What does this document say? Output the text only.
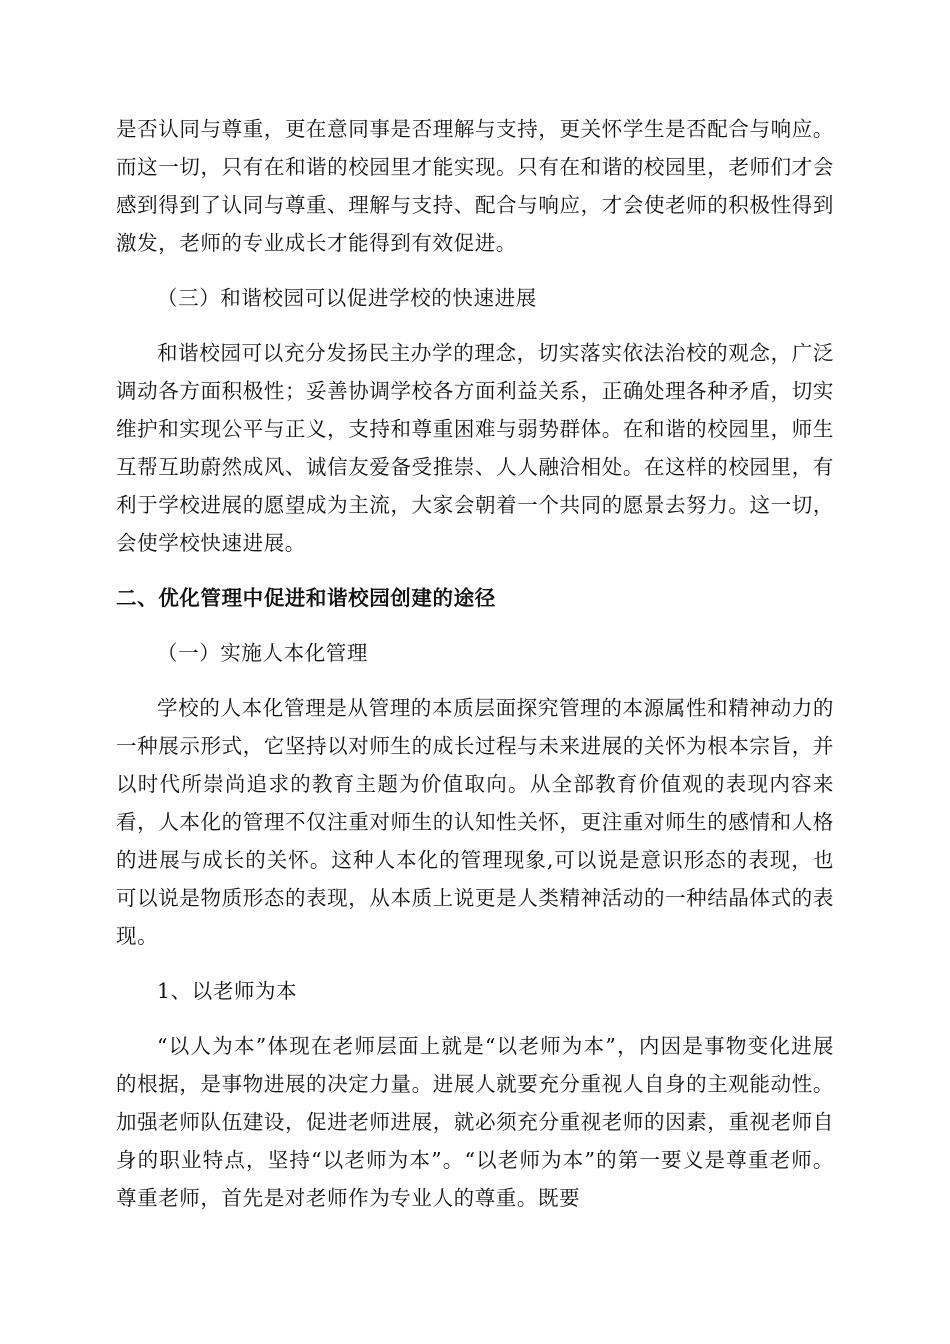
是否认同与尊重，更在意同事是否理解与支持，更关怀学生是否配合与响应。而这一切，只有在和谐的校园里才能实现。只有在和谐的校园里，老师们才会感到得到了认同与尊重、理解与支持、配合与响应，才会使老师的积极性得到激发，老师的专业成长才能得到有效促进。

（三）和谐校园可以促进学校的快速进展

和谐校园可以充分发扬民主办学的理念，切实落实依法治校的观念，广泛调动各方面积极性；妥善协调学校各方面利益关系，正确处理各种矛盾，切实维护和实现公平与正义，支持和尊重困难与弱势群体。在和谐的校园里，师生互帮互助蔚然成风、诚信友爱备受推崇、人人融洽相处。在这样的校园里，有利于学校进展的愿望成为主流，大家会朝着一个共同的愿景去努力。这一切，会使学校快速进展。

二、优化管理中促进和谐校园创建的途径
（一）实施人本化管理

学校的人本化管理是从管理的本质层面探究管理的本源属性和精神动力的一种展示形式，它坚持以对师生的成长过程与未来进展的关怀为根本宗旨，并以时代所崇尚追求的教育主题为价值取向。从全部教育价值观的表现内容来看，人本化的管理不仅注重对师生的认知性关怀，更注重对师生的感情和人格的进展与成长的关怀。这种人本化的管理现象,可以说是意识形态的表现，也可以说是物质形态的表现，从本质上说更是人类精神活动的一种结晶体式的表现。

1、以老师为本

“以人为本”体现在老师层面上就是“以老师为本”，内因是事物变化进展的根据，是事物进展的决定力量。进展人就要充分重视人自身的主观能动性。加强老师队伍建设，促进老师进展，就必须充分重视老师的因素，重视老师自身的职业特点，坚持“以老师为本”。“以老师为本”的第一要义是尊重老师。尊重老师，首先是对老师作为专业人的尊重。既要
